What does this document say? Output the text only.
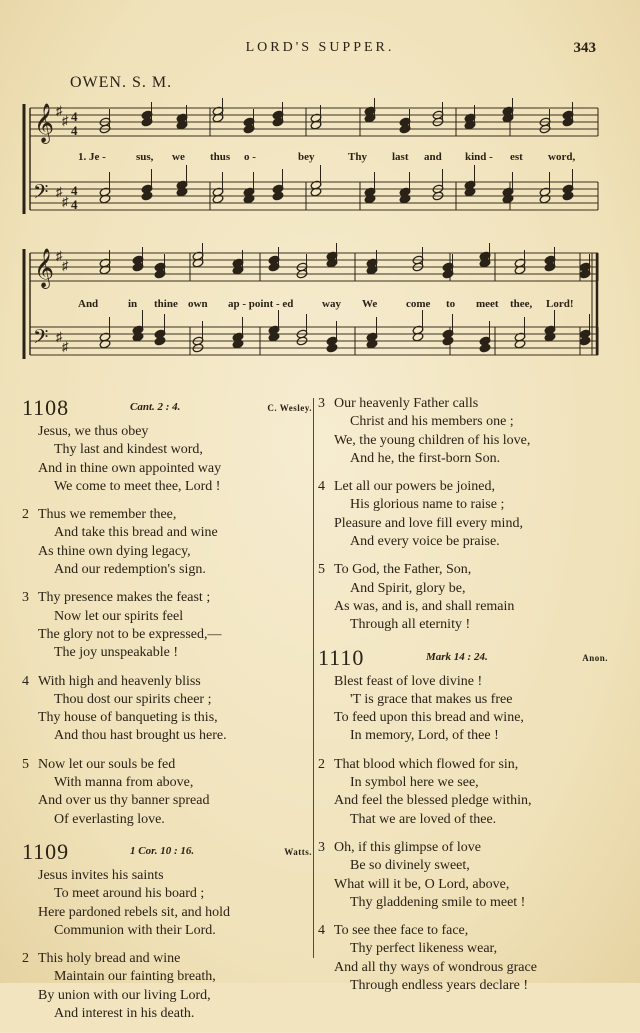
LORD'S SUPPER.	343
OWEN. S. M.
𝄞
𝄢
♯
♯
♯
♯
4
4
4
4
𝄞
𝄢
♯
♯
♯
♯
1. Je -	sus, we thus o -	bey	Thy last and kind - est word,
And	in thine own ap - point - ed	way We	come to meet thee, Lord!
1108	Cant. 2 : 4.	C. Wesley.
Jesus, we thus obey
Thy last and kindest word,
And in thine own appointed way
We come to meet thee, Lord !
2 Thus we remember thee,
And take this bread and wine
As thine own dying legacy,
And our redemption's sign.
3 Thy presence makes the feast ;
Now let our spirits feel
The glory not to be expressed,—
The joy unspeakable !
4 With high and heavenly bliss
Thou dost our spirits cheer ;
Thy house of banqueting is this,
And thou hast brought us here.
5 Now let our souls be fed
With manna from above,
And over us thy banner spread
Of everlasting love.
1109	1 Cor. 10 : 16.	Watts.
Jesus invites his saints
To meet around his board ;
Here pardoned rebels sit, and hold
Communion with their Lord.
2 This holy bread and wine
Maintain our fainting breath,
By union with our living Lord,
And interest in his death.
3 Our heavenly Father calls
Christ and his members one ;
We, the young children of his love,
And he, the first-born Son.
4 Let all our powers be joined,
His glorious name to raise ;
Pleasure and love fill every mind,
And every voice be praise.
5 To God, the Father, Son,
And Spirit, glory be,
As was, and is, and shall remain
Through all eternity !
1110	Mark 14 : 24.	Anon.
Blest feast of love divine !
'T is grace that makes us free
To feed upon this bread and wine,
In memory, Lord, of thee !
2 That blood which flowed for sin,
In symbol here we see,
And feel the blessed pledge within,
That we are loved of thee.
3 Oh, if this glimpse of love
Be so divinely sweet,
What will it be, O Lord, above,
Thy gladdening smile to meet !
4 To see thee face to face,
Thy perfect likeness wear,
And all thy ways of wondrous grace
Through endless years declare !
